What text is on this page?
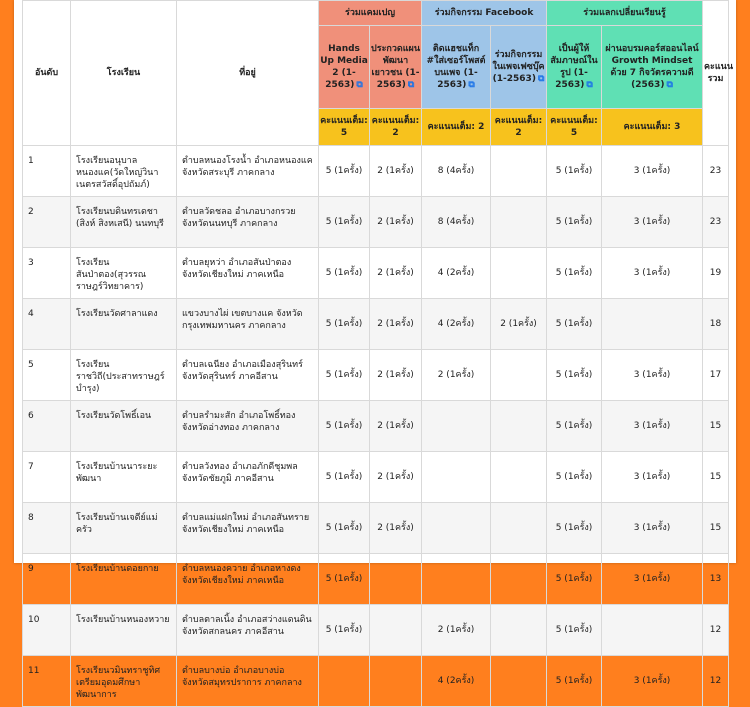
อันดับ	โรงเรียน	ที่อยู่	ร่วมแคมเปญ		ร่วมกิจกรรม Facebook		ร่วมแลกเปลี่ยนเรียนรู้		คะแนนรวม
			Hands Up Media 2 (1-2563) ⧉	ประกวดแผนพัฒนาเยาวชน (1-2563) ⧉	ติดแฮชแท็ก #ใส่เซอร์โพสต์บนเพจ (1-2563) ⧉	ร่วมกิจกรรมในเพจเฟซบุ๊ค (1-2563) ⧉	เป็นผู้ให้สัมภาษณ์ในรูป (1-2563) ⧉	ผ่านอบรมคอร์สออนไลน์ Growth Mindset ด้วย 7 กิจวัตรความดี (2563) ⧉	
			คะแนนเต็ม: 5	คะแนนเต็ม: 2	คะแนนเต็ม: 2	คะแนนเต็ม: 2	คะแนนเต็ม: 5	คะแนนเต็ม: 3	
1	โรงเรียนอนุบาลหนองแค(วัดใหญ่วินาเนตรสวัสดิ์อุปถัมภ์)	ตำบลหนองโรงน้ำ อำเภอหนองแค จังหวัดสระบุรี ภาคกลาง	5 (1ครั้ง)	2 (1ครั้ง)	8 (4ครั้ง)		5 (1ครั้ง)	3 (1ครั้ง)	23
2	โรงเรียนบดินทรเดชา (สิงห์ สิงหเสนี) นนทบุรี	ตำบลวัดชลอ อำเภอบางกรวย จังหวัดนนทบุรี ภาคกลาง	5 (1ครั้ง)	2 (1ครั้ง)	8 (4ครั้ง)		5 (1ครั้ง)	3 (1ครั้ง)	23
3	โรงเรียนสันป่าตอง(สุวรรณราษฎร์วิทยาคาร)	ตำบลยุหว่า อำเภอสันป่าตอง จังหวัดเชียงใหม่ ภาคเหนือ	5 (1ครั้ง)	2 (1ครั้ง)	4 (2ครั้ง)		5 (1ครั้ง)	3 (1ครั้ง)	19
4	โรงเรียนวัดศาลาแดง	แขวงบางไผ่ เขตบางแค จังหวัดกรุงเทพมหานคร ภาคกลาง	5 (1ครั้ง)	2 (1ครั้ง)	4 (2ครั้ง)	2 (1ครั้ง)	5 (1ครั้ง)		18
5	โรงเรียนราชวิถี(ประสาทราษฎร์บำรุง)	ตำบลเฉนียง อำเภอเมืองสุรินทร์ จังหวัดสุรินทร์ ภาคอีสาน	5 (1ครั้ง)	2 (1ครั้ง)	2 (1ครั้ง)		5 (1ครั้ง)	3 (1ครั้ง)	17
6	โรงเรียนวัดโพธิ์เอน	ตำบลรำมะสัก อำเภอโพธิ์ทอง จังหวัดอ่างทอง ภาคกลาง	5 (1ครั้ง)	2 (1ครั้ง)			5 (1ครั้ง)	3 (1ครั้ง)	15
7	โรงเรียนบ้านนาระยะพัฒนา	ตำบลวังทอง อำเภอภักดีชุมพล จังหวัดชัยภูมิ ภาคอีสาน	5 (1ครั้ง)	2 (1ครั้ง)			5 (1ครั้ง)	3 (1ครั้ง)	15
8	โรงเรียนบ้านเจดีย์แม่ครัว	ตำบลแม่แฝกใหม่ อำเภอสันทราย จังหวัดเชียงใหม่ ภาคเหนือ	5 (1ครั้ง)	2 (1ครั้ง)			5 (1ครั้ง)	3 (1ครั้ง)	15
9	โรงเรียนบ้านดอยกาย	ตำบลหนองควาย อำเภอหางดง จังหวัดเชียงใหม่ ภาคเหนือ	5 (1ครั้ง)				5 (1ครั้ง)	3 (1ครั้ง)	13
10	โรงเรียนบ้านหนองหวาย	ตำบลตาลเนิ้ง อำเภอสว่างแดนดิน จังหวัดสกลนคร ภาคอีสาน	5 (1ครั้ง)		2 (1ครั้ง)		5 (1ครั้ง)		12
11	โรงเรียนวมินทราชูทิศ เตรียมอุดมศึกษาพัฒนาการ	ตำบลบางบ่อ อำเภอบางบ่อ จังหวัดสมุทรปราการ ภาคกลาง			4 (2ครั้ง)		5 (1ครั้ง)	3 (1ครั้ง)	12
